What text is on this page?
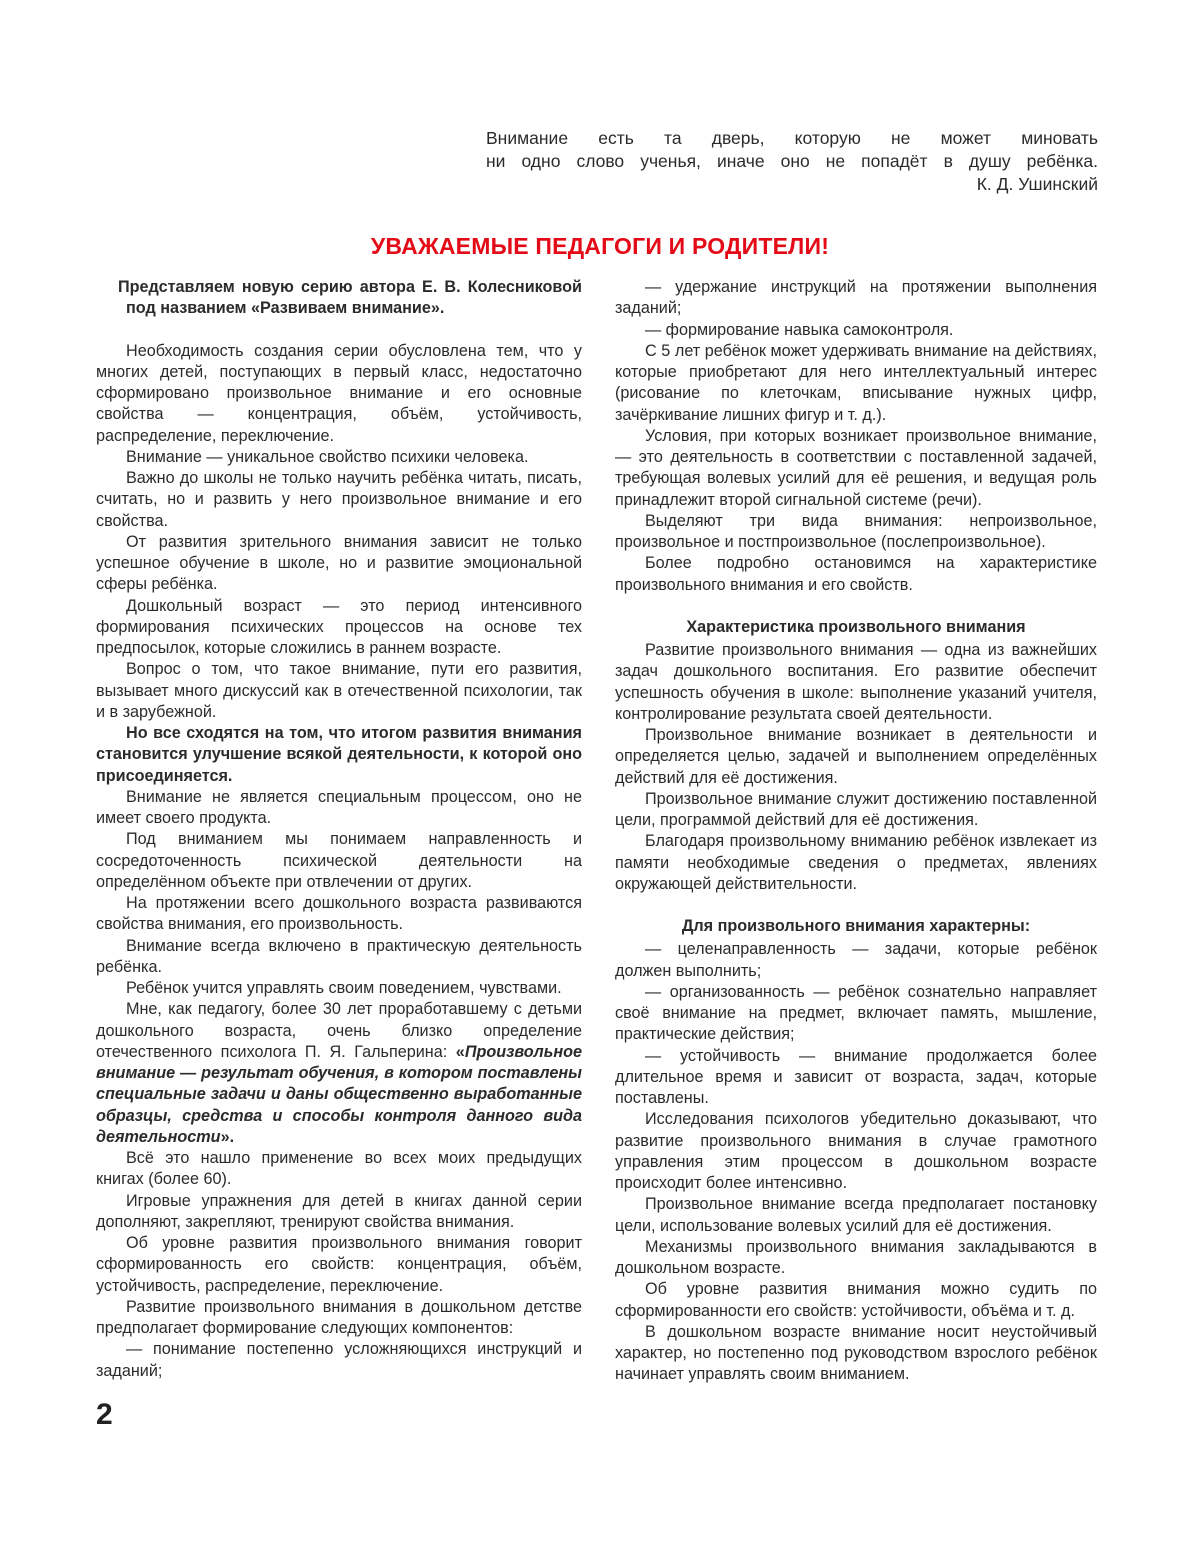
Внимание есть та дверь, которую не может миновать
ни одно слово ученья, иначе оно не попадёт в душу ребёнка.
К. Д. Ушинский
УВАЖАЕМЫЕ ПЕДАГОГИ И РОДИТЕЛИ!

Представляем новую серию автора Е. В. Колесниковой под названием «Развиваем внимание».

Необходимость создания серии обусловлена тем, что у многих детей, поступающих в первый класс, недостаточно сформировано произвольное внимание и его основные свойства — концентрация, объём, устойчивость, распределение, переключение.

Внимание — уникальное свойство психики человека.

Важно до школы не только научить ребёнка читать, писать, считать, но и развить у него произвольное внимание и его свойства.

От развития зрительного внимания зависит не только успешное обучение в школе, но и развитие эмоциональной сферы ребёнка.

Дошкольный возраст — это период интенсивного формирования психических процессов на основе тех предпосылок, которые сложились в раннем возрасте.

Вопрос о том, что такое внимание, пути его развития, вызывает много дискуссий как в отечественной психологии, так и в зарубежной.

Но все сходятся на том, что итогом развития внимания становится улучшение всякой деятельности, к которой оно присоединяется.

Внимание не является специальным процессом, оно не имеет своего продукта.

Под вниманием мы понимаем направленность и сосредоточенность психической деятельности на определённом объекте при отвлечении от других.

На протяжении всего дошкольного возраста развиваются свойства внимания, его произвольность.

Внимание всегда включено в практическую деятельность ребёнка.

Ребёнок учится управлять своим поведением, чувствами.

Мне, как педагогу, более 30 лет проработавшему с детьми дошкольного возраста, очень близко определение отечественного психолога П. Я. Гальперина: «Произвольное внимание — результат обучения, в котором поставлены специальные задачи и даны общественно выработанные образцы, средства и способы контроля данного вида деятельности».

Всё это нашло применение во всех моих предыдущих книгах (более 60).

Игровые упражнения для детей в книгах данной серии дополняют, закрепляют, тренируют свойства внимания.

Об уровне развития произвольного внимания говорит сформированность его свойств: концентрация, объём, устойчивость, распределение, переключение.

Развитие произвольного внимания в дошкольном детстве предполагает формирование следующих компонентов:

— понимание постепенно усложняющихся инструкций и заданий;

— удержание инструкций на протяжении выполнения заданий;

— формирование навыка самоконтроля.

С 5 лет ребёнок может удерживать внимание на действиях, которые приобретают для него интеллектуальный интерес (рисование по клеточкам, вписывание нужных цифр, зачёркивание лишних фигур и т. д.).

Условия, при которых возникает произвольное внимание, — это деятельность в соответствии с поставленной задачей, требующая волевых усилий для её решения, и ведущая роль принадлежит второй сигнальной системе (речи).

Выделяют три вида внимания: непроизвольное, произвольное и постпроизвольное (послепроизвольное).

Более подробно остановимся на характеристике произвольного внимания и его свойств.

Характеристика произвольного внимания

Развитие произвольного внимания — одна из важнейших задач дошкольного воспитания. Его развитие обеспечит успешность обучения в школе: выполнение указаний учителя, контролирование результата своей деятельности.

Произвольное внимание возникает в деятельности и определяется целью, задачей и выполнением определённых действий для её достижения.

Произвольное внимание служит достижению поставленной цели, программой действий для её достижения.

Благодаря произвольному вниманию ребёнок извлекает из памяти необходимые сведения о предметах, явлениях окружающей действительности.

Для произвольного внимания характерны:

— целенаправленность — задачи, которые ребёнок должен выполнить;

— организованность — ребёнок сознательно направляет своё внимание на предмет, включает память, мышление, практические действия;

— устойчивость — внимание продолжается более длительное время и зависит от возраста, задач, которые поставлены.

Исследования психологов убедительно доказывают, что развитие произвольного внимания в случае грамотного управления этим процессом в дошкольном возрасте происходит более интенсивно.

Произвольное внимание всегда предполагает постановку цели, использование волевых усилий для её достижения.

Механизмы произвольного внимания закладываются в дошкольном возрасте.

Об уровне развития внимания можно судить по сформированности его свойств: устойчивости, объёма и т. д.

В дошкольном возрасте внимание носит неустойчивый характер, но постепенно под руководством взрослого ребёнок начинает управлять своим вниманием.

2
